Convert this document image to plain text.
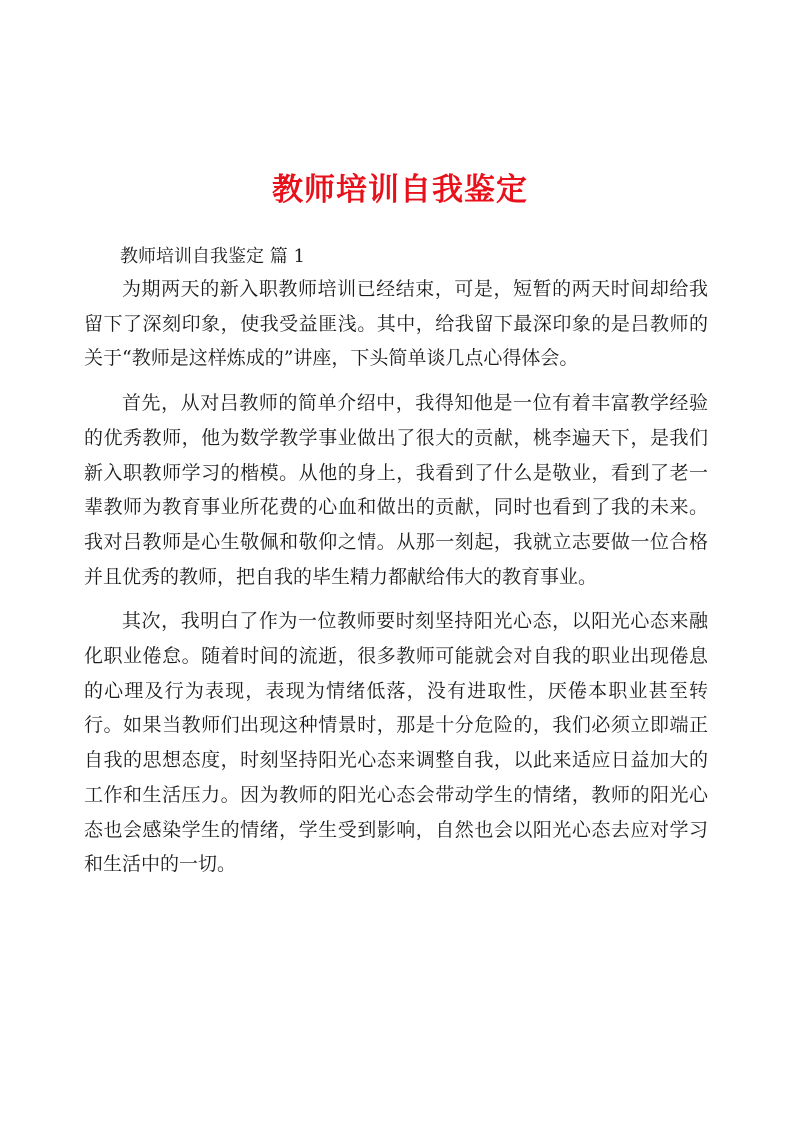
教师培训自我鉴定

教师培训自我鉴定 篇 1

为期两天的新入职教师培训已经结束，可是，短暂的两天时间却给我留下了深刻印象，使我受益匪浅。其中，给我留下最深印象的是吕教师的关于“教师是这样炼成的”讲座，下头简单谈几点心得体会。

首先，从对吕教师的简单介绍中，我得知他是一位有着丰富教学经验的优秀教师，他为数学教学事业做出了很大的贡献，桃李遍天下，是我们新入职教师学习的楷模。从他的身上，我看到了什么是敬业，看到了老一辈教师为教育事业所花费的心血和做出的贡献，同时也看到了我的未来。我对吕教师是心生敬佩和敬仰之情。从那一刻起，我就立志要做一位合格并且优秀的教师，把自我的毕生精力都献给伟大的教育事业。

其次，我明白了作为一位教师要时刻坚持阳光心态，以阳光心态来融化职业倦怠。随着时间的流逝，很多教师可能就会对自我的职业出现倦息的心理及行为表现，表现为情绪低落，没有进取性，厌倦本职业甚至转行。如果当教师们出现这种情景时，那是十分危险的，我们必须立即端正自我的思想态度，时刻坚持阳光心态来调整自我，以此来适应日益加大的工作和生活压力。因为教师的阳光心态会带动学生的情绪，教师的阳光心态也会感染学生的情绪，学生受到影响，自然也会以阳光心态去应对学习和生活中的一切。
